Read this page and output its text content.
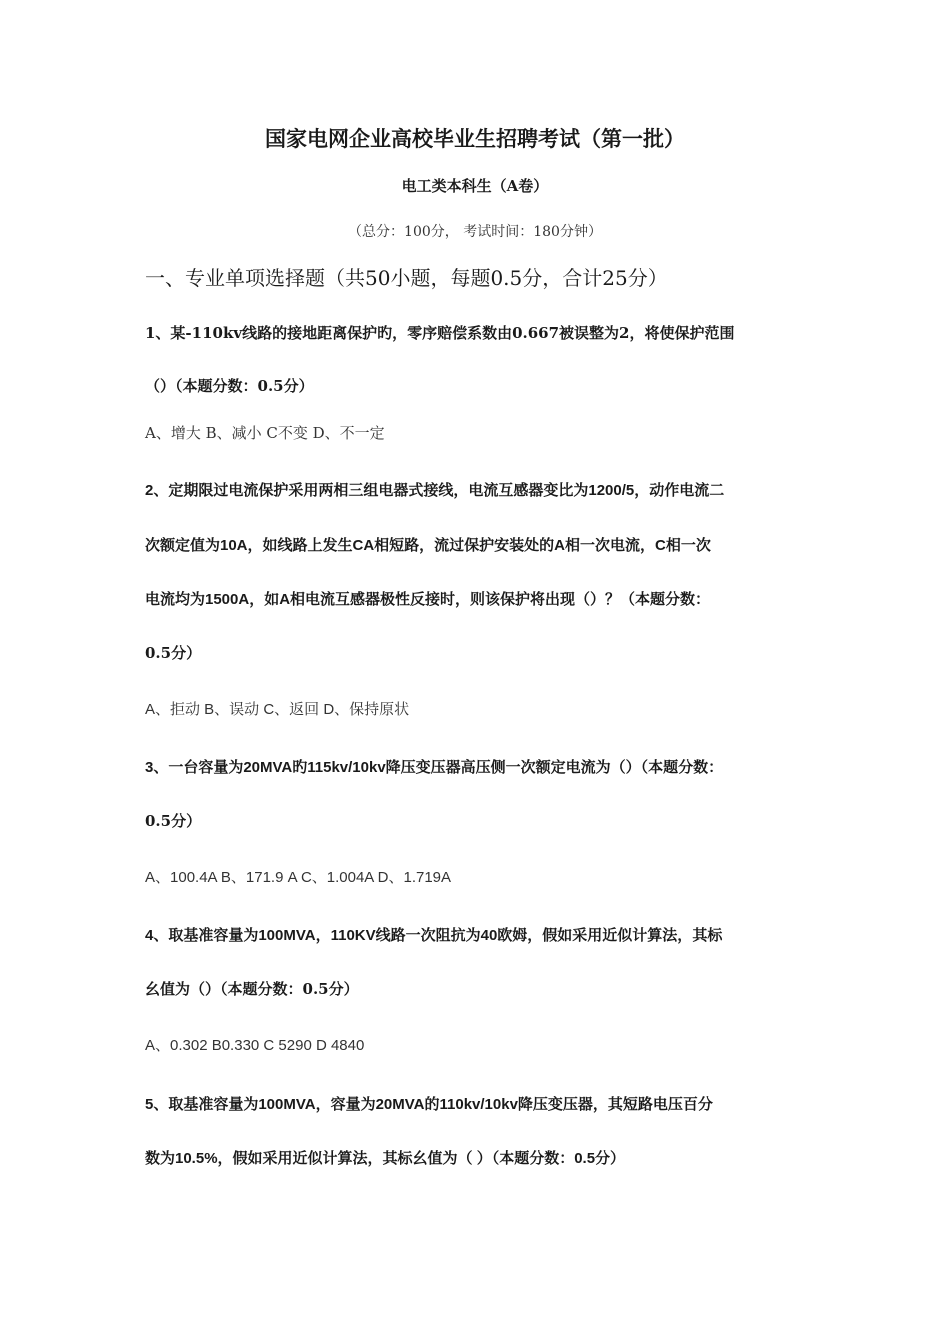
国家电网企业高校毕业生招聘考试（第一批）
电工类本科生（A卷）
（总分：100分， 考试时间：180分钟）
一、专业单项选择题（共50小题，每题0.5分，合计25分）
1、某-110kv线路的接地距离保护旳，零序赔偿系数由0.667被误整为2，将使保护范围
（）（本题分数：0.5分）
A、增大 B、减小 C不变 D、不一定
2、定期限过电流保护采用两相三组电器式接线，电流互感器变比为1200/5，动作电流二
次额定值为10A，如线路上发生CA相短路，流过保护安装处的A相一次电流，C相一次
电流均为1500A，如A相电流互感器极性反接时，则该保护将出现（）？（本题分数：
0.5分）
A、拒动 B、误动 C、返回 D、保持原状
3、一台容量为20MVA旳115kv/10kv降压变压器高压侧一次额定电流为（）（本题分数：
0.5分）
A、100.4A B、171.9 A C、1.004A D、1.719A
4、取基准容量为100MVA，110KV线路一次阻抗为40欧姆，假如采用近似计算法，其标
幺值为（）（本题分数：0.5分）
A、0.302 B0.330 C 5290 D 4840
5、取基准容量为100MVA，容量为20MVA的110kv/10kv降压变压器，其短路电压百分
数为10.5%，假如采用近似计算法，其标幺值为（ ）（本题分数：0.5分）
